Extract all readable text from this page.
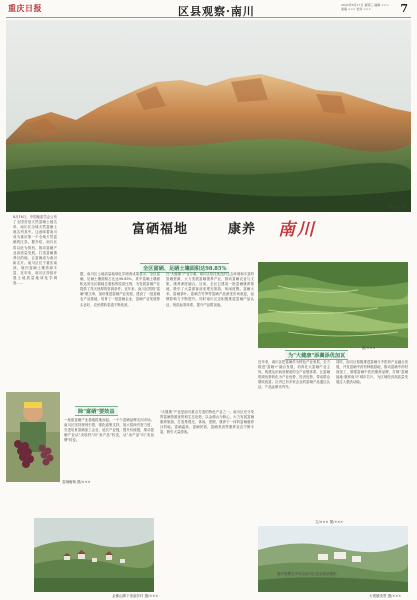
重庆日报	区县观察·南川	2022年8月17日 星期三 编辑 ××× 美编 ××× 校对 ×××	7
金佛山之秋
8月16日，中国地质学会公布了全国首批天然富硒土地名单，南川区全域天然富硒土地名列其中。这意味着南川成为重庆第一个全域天然富硒的区县。据介绍，南川区将以此为契机，推动富硒产业高质量发展，打造富硒康养目的地，让富硒成为南川新名片。南川区位于重庆南部，境内富硒土壤资源丰富，近年来，南川区持续开展土地质量地球化学调查……
富硒葡萄 摄/×××
富硒福地	康养 南川
全区富硒、足硒土壤面积达98.85%
据，南川区土地质量地球化学调查成果显示，全区富硒、足硒土壤面积占比达98.85%，其中富硒土壤面积达到全区耕地总面积的较高比例，为发展富硒产业提供了得天独厚的资源条件。近年来，南川区围绕"富硒"做文章，加快推进富硒产业发展，建设了一批富硒农产品基地，培育了一批富硒企业，富硒产业发展势头良好，农民增收渠道不断拓宽。
在"大健康"产业方面，南川区依托优良的生态环境和丰富的富硒资源，大力发展富硒康养产业，推动富硒农业与文旅、康养深度融合。目前，全区已建成一批富硒康养基地，吸引了大量游客前来观光旅游、休闲度假。富硒大米、富硒茶叶、富硒方竹笋等富硒产品深受市场欢迎，品牌影响力不断提升。同时南川区还积极推进富硒产品认证，规范标准体系，提升产品附加值。
摄/×××
为"大健康"添翼添优加瓦
近年来，南川区把富硒作为特色产业来抓，全力推进"富硒+"融合发展，培育壮大富硒产业主体，构建从田间到餐桌的全产业链体系，让富硒资源优势转化为产业优势、经济优势，带动群众增收致富。区内已有多家企业的富硒产品通过认证，产品远销市内外。
同时，南川区积极推进富硒与中医药产业融合发展，开发富硒中药材种植基地，推动富硒中药材深加工，做强富硒中医药康养品牌，打响"富硒福地·康养南川"城市名片，为区域经济高质量发展注入强劲动能。
除"富硒"要效益
一座座富硒产业基地拔地而起，一个个富硒品牌走向市场。南川区坚持规划引领，强化政策支持，加大招商引资力度，引进培育富硒加工企业，延长产业链，提升价值链，推动富硒产业从"卖原料"向"卖产品"转变，从"卖产品"向"卖品牌"转变。
"大健康"产业是南川重点打造的特色产业之一。南川区充分发挥富硒资源优势和生态优势，以金佛山为核心，大力发展富硒康养旅游，打造集观光、休闲、度假、康养于一体的富硒康养目的地。富硒温泉、富硒民宿、富硒美食等康养业态不断丰富，吸引大量游客。
金佛山脚下美丽乡村 摄/×××
文/××× 图/×××
大观镇美景 摄/×××
图片除署名外均由南川区委宣传部提供
